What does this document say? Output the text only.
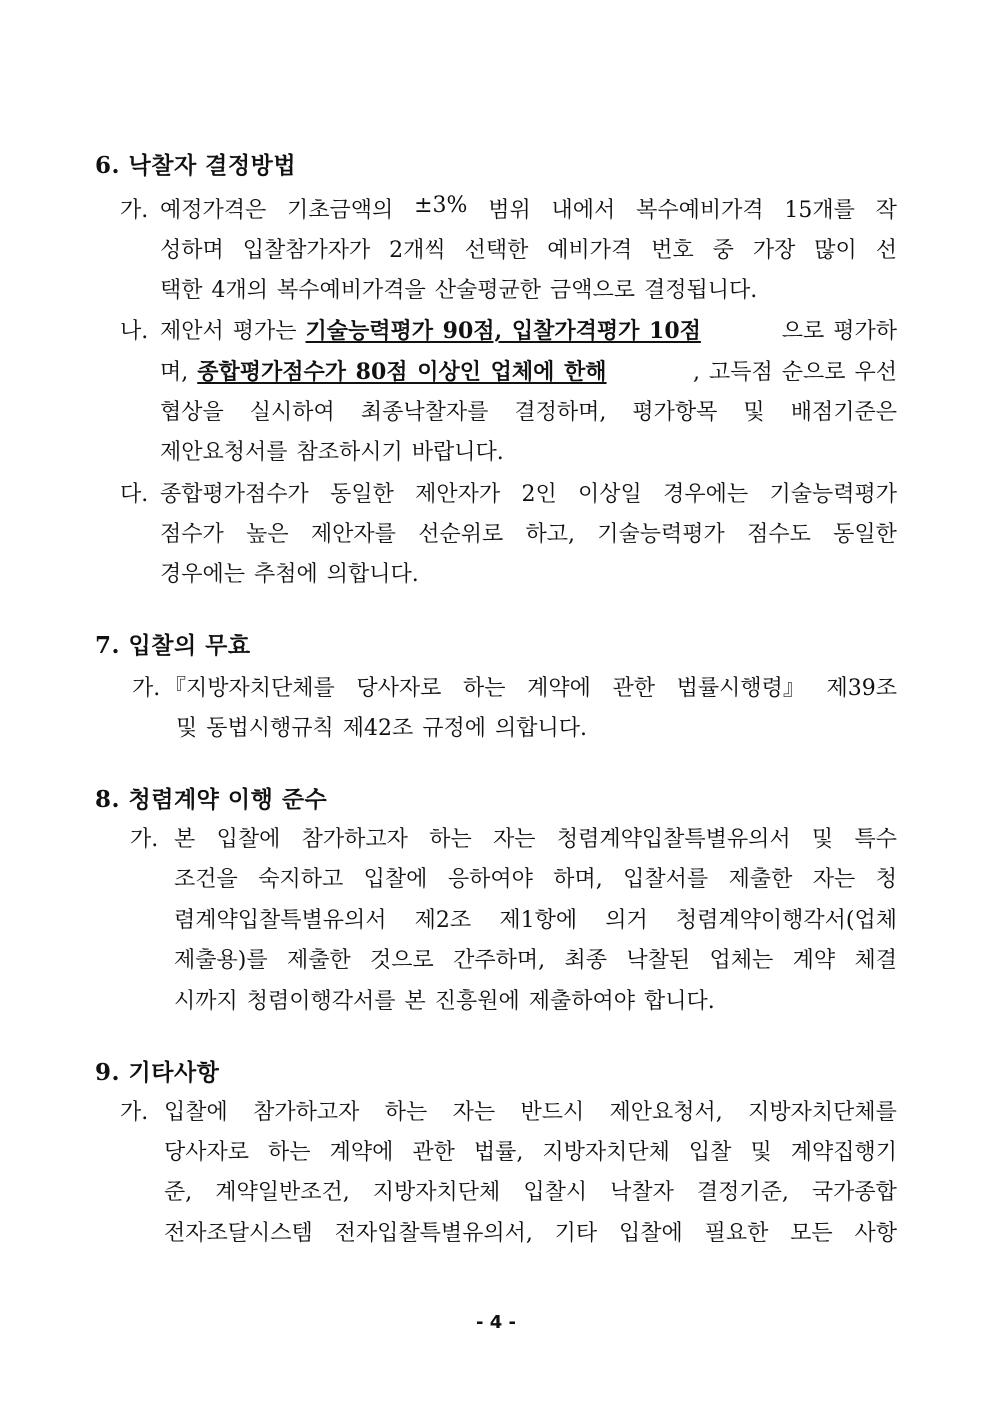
6. 낙찰자 결정방법
가. 예정가격은 기초금액의 ±3% 범위 내에서 복수예비가격 15개를 작
성하며 입찰참가자가 2개씩 선택한 예비가격 번호 중 가장 많이 선
택한 4개의 복수예비가격을 산술평균한 금액으로 결정됩니다.
나. 제안서 평가는 기술능력평가 90점, 입찰가격평가 10점	으로 평가하
며, 종합평가점수가 80점 이상인 업체에 한해	, 고득점 순으로 우선
협상을 실시하여 최종낙찰자를 결정하며, 평가항목 및 배점기준은
제안요청서를 참조하시기 바랍니다.
다. 종합평가점수가 동일한 제안자가 2인 이상일 경우에는 기술능력평가
점수가 높은 제안자를 선순위로 하고, 기술능력평가 점수도 동일한
경우에는 추첨에 의합니다.
7. 입찰의 무효
가. 『지방자치단체를 당사자로 하는 계약에 관한 법률시행령』 제39조
및 동법시행규칙 제42조 규정에 의합니다.
8. 청렴계약 이행 준수
가. 본 입찰에 참가하고자 하는 자는 청렴계약입찰특별유의서 및 특수
조건을 숙지하고 입찰에 응하여야 하며, 입찰서를 제출한 자는 청
렴계약입찰특별유의서 제2조 제1항에 의거 청렴계약이행각서(업체
제출용)를 제출한 것으로 간주하며, 최종 낙찰된 업체는 계약 체결
시까지 청렴이행각서를 본 진흥원에 제출하여야 합니다.
9. 기타사항
가. 입찰에 참가하고자 하는 자는 반드시 제안요청서, 지방자치단체를
당사자로 하는 계약에 관한 법률, 지방자치단체 입찰 및 계약집행기
준, 계약일반조건, 지방자치단체 입찰시 낙찰자 결정기준, 국가종합
전자조달시스템 전자입찰특별유의서, 기타 입찰에 필요한 모든 사항
- 4 -
